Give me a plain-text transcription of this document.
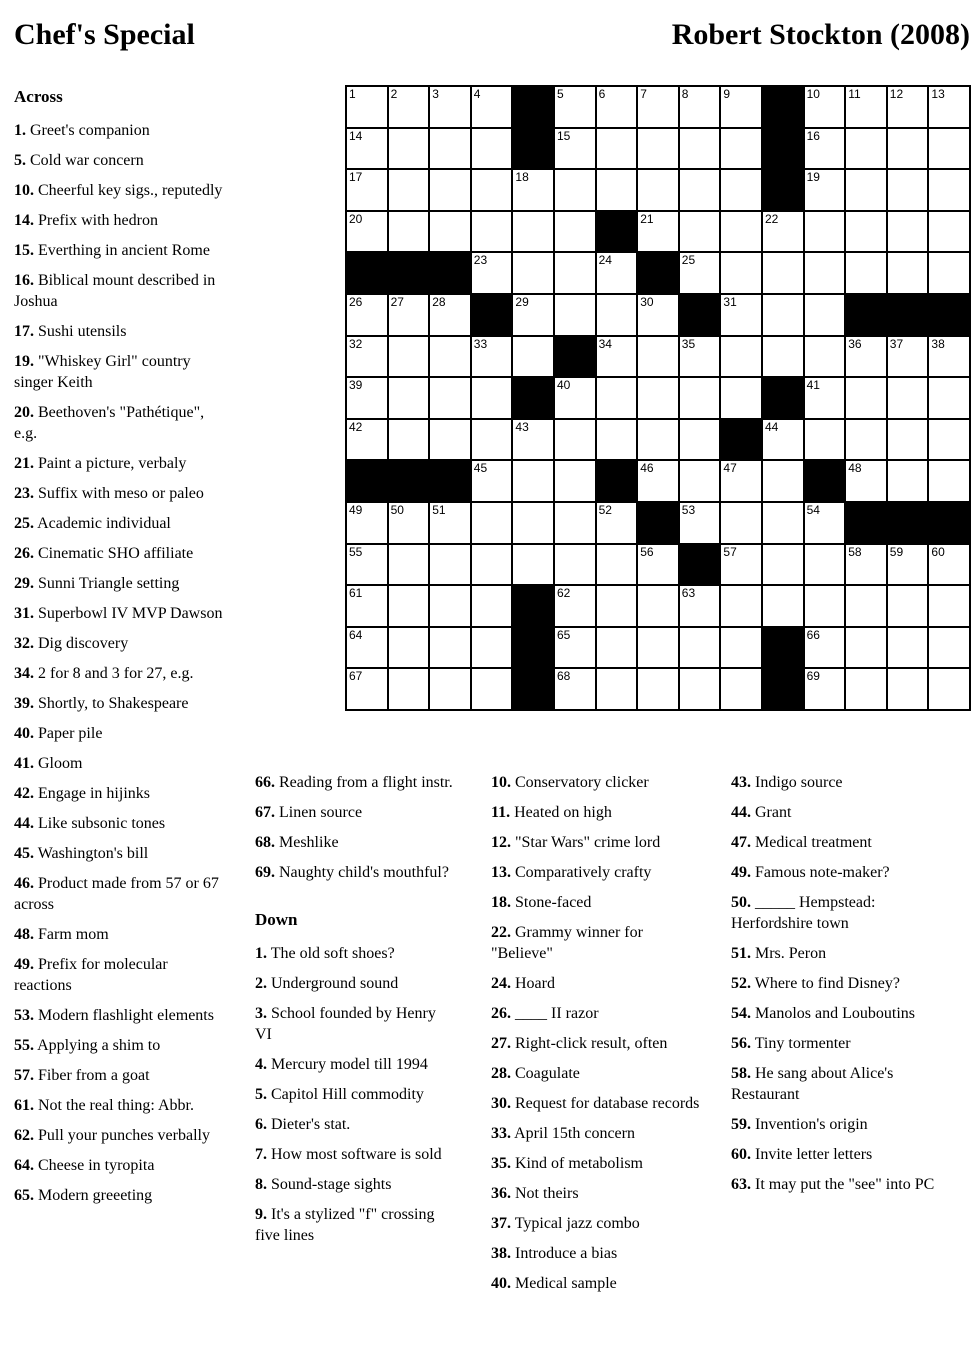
Chef's Special	Robert Stockton (2008)
1	2	3	4	5	6	7	8	9	10 11 12 13
14	15	16
17	18	19
20	21	22
23	24	25
26 27 28	29	30	31
32	33	34	35	36 37 38
39	40	41
42	43	44
45	46	47	48
49 50 51	52	53	54
55	56	57	58 59 60
61	62	63
64	65	66
67	68	69
Across

1. Greet's companion

5. Cold war concern

10. Cheerful key sigs., reputedly

14. Prefix with hedron

15. Everthing in ancient Rome

16. Biblical mount described in Joshua

17. Sushi utensils

19. "Whiskey Girl" country singer Keith

20. Beethoven's "Pathétique", e.g.

21. Paint a picture, verbaly

23. Suffix with meso or paleo

25. Academic individual

26. Cinematic SHO affiliate

29. Sunni Triangle setting

31. Superbowl IV MVP Dawson

32. Dig discovery

34. 2 for 8 and 3 for 27, e.g.

39. Shortly, to Shakespeare

40. Paper pile

41. Gloom

42. Engage in hijinks

44. Like subsonic tones

45. Washington's bill

46. Product made from 57 or 67 across

48. Farm mom

49. Prefix for molecular reactions

53. Modern flashlight elements

55. Applying a shim to

57. Fiber from a goat

61. Not the real thing: Abbr.

62. Pull your punches verbally

64. Cheese in tyropita

65. Modern greeeting

66. Reading from a flight instr.

67. Linen source

68. Meshlike

69. Naughty child's mouthful?

Down

1. The old soft shoes?

2. Underground sound

3. School founded by Henry VI

4. Mercury model till 1994

5. Capitol Hill commodity

6. Dieter's stat.

7. How most software is sold

8. Sound-stage sights

9. It's a stylized "f" crossing five lines

10. Conservatory clicker

11. Heated on high

12. "Star Wars" crime lord

13. Comparatively crafty

18. Stone-faced

22. Grammy winner for "Believe"

24. Hoard

26. ____ II razor

27. Right-click result, often

28. Coagulate

30. Request for database records

33. April 15th concern

35. Kind of metabolism

36. Not theirs

37. Typical jazz combo

38. Introduce a bias

40. Medical sample

43. Indigo source

44. Grant

47. Medical treatment

49. Famous note-maker?

50. _____ Hempstead: Herfordshire town

51. Mrs. Peron

52. Where to find Disney?

54. Manolos and Louboutins

56. Tiny tormenter

58. He sang about Alice's Restaurant

59. Invention's origin

60. Invite letter letters

63. It may put the "see" into PC
